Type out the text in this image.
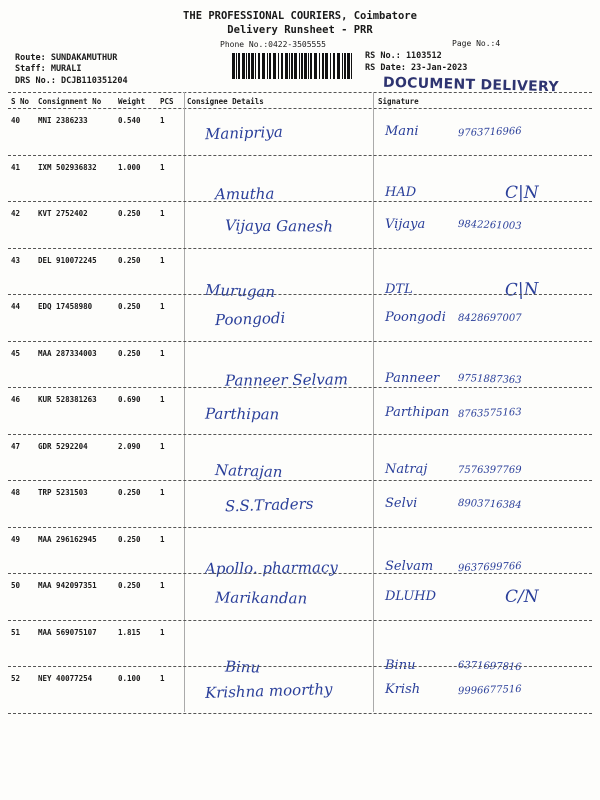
THE PROFESSIONAL COURIERS, Coimbatore
Delivery Runsheet - PRR
Phone No.:0422-3505555	Page No.:4
Route: SUNDAKAMUTHUR
Staff: MURALI
DRS No.: DCJB110351204
RS No.: 1103512
RS Date: 23-Jan-2023
DOCUMENT DELIVERY
S No Consignment No Weight PCS Consignee Details	Signature
40 MNI 2386233	0.540	1
Manipriya	Mani	9763716966
41 IXM 502936832	1.000	1
Amutha	HAD	C|N
42 KVT 2752402	0.250	1
Vijaya Ganesh	Vijaya	9842261003
43 DEL 910072245	0.250	1
Murugan	DTL	C|N
44 EDQ 17458980	0.250	1
Poongodi	Poongodi 8428697007
45 MAA 287334003	0.250	1
Panneer Selvam	Panneer 9751887363
46 KUR 528381263	0.690	1
Parthipan	Parthipan 8763575163
47 GDR 5292204	2.090	1
Natrajan	Natraj	7576397769
48 TRP 5231503	0.250	1
S.S.Traders	Selvi	8903716384
49 MAA 296162945	0.250	1
Apollo. pharmacy	Selvam 9637699766
50 MAA 942097351	0.250	1
Marikandan	DLUHD	C/N
51 MAA 569075107	1.815	1
Binu	Binu	6371697816
52 NEY 40077254	0.100	1
Krishna moorthy	Krish	9996677516
